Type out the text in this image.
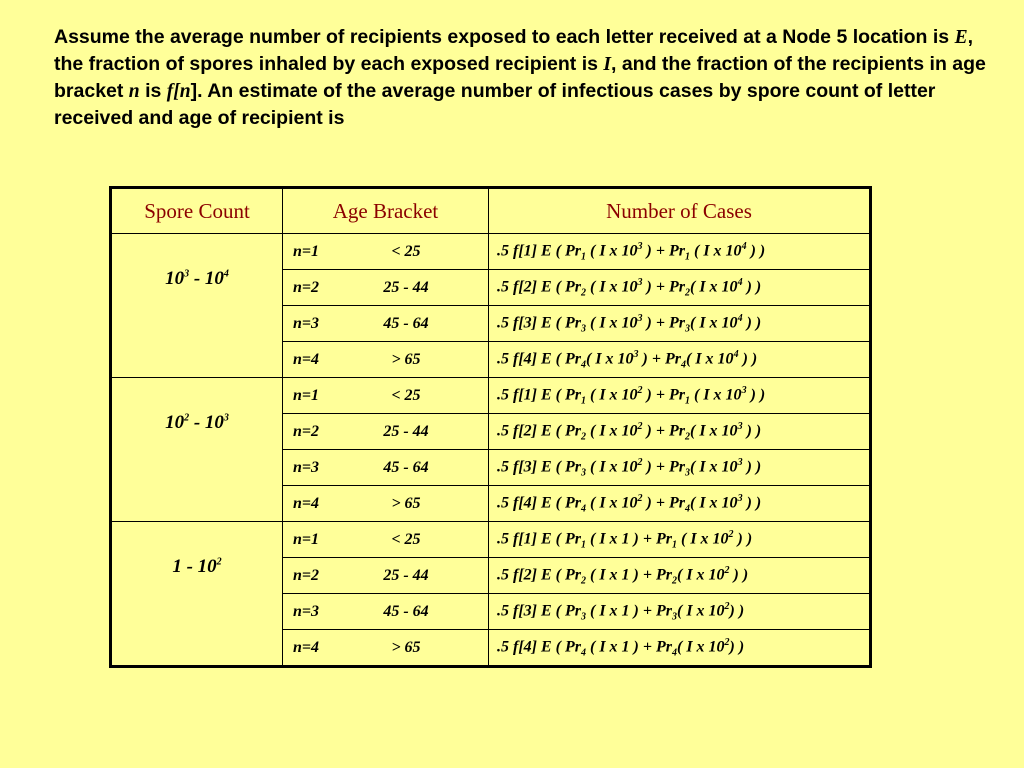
Assume the average number of recipients exposed to each letter received at a Node 5 location is E, the fraction of spores inhaled by each exposed recipient is I, and the fraction of the recipients in age bracket n is f[n]. An estimate of the average number of infectious cases by spore count of letter received and age of recipient is

Spore Count	Age Bracket	Number of Cases
$10^3 - 10^4$	n=1 < 25	.5 f[1] E ( $Pr_1$ ( I x $10^3$ ) + $Pr_1$ ( I x $10^4$ ) )
	n=2 25 - 44	.5 f[2] E ( $Pr_2$ ( I x $10^3$ ) + $Pr_2$( I x $10^4$ ) )
	n=3 45 - 64	.5 f[3] E ( $Pr_3$ ( I x $10^3$ ) + $Pr_3$( I x $10^4$ ) )
	n=4 > 65	.5 f[4] E ( $Pr_4$( I x $10^3$ ) + $Pr_4$( I x $10^4$ ) )
$10^2 - 10^3$	n=1 < 25	.5 f[1] E ( $Pr_1$ ( I x $10^2$ ) + $Pr_1$ ( I x $10^3$ ) )
	n=2 25 - 44	.5 f[2] E ( $Pr_2$ ( I x $10^2$ ) + $Pr_2$( I x $10^3$ ) )
	n=3 45 - 64	.5 f[3] E ( $Pr_3$ ( I x $10^2$ ) + $Pr_3$( I x $10^3$ ) )
	n=4 > 65	.5 f[4] E ( $Pr_4$ ( I x $10^2$ ) + $Pr_4$( I x $10^3$ ) )
$1 - 10^2$	n=1 < 25	.5 f[1] E ( $Pr_1$ ( I x 1 ) + $Pr_1$ ( I x $10^2$ ) )
	n=2 25 - 44	.5 f[2] E ( $Pr_2$ ( I x 1 ) + $Pr_2$( I x $10^2$ ) )
	n=3 45 - 64	.5 f[3] E ( $Pr_3$ ( I x 1 ) + $Pr_3$( I x $10^2$) )
	n=4 > 65	.5 f[4] E ( $Pr_4$ ( I x 1 ) + $Pr_4$( I x $10^2$) )
